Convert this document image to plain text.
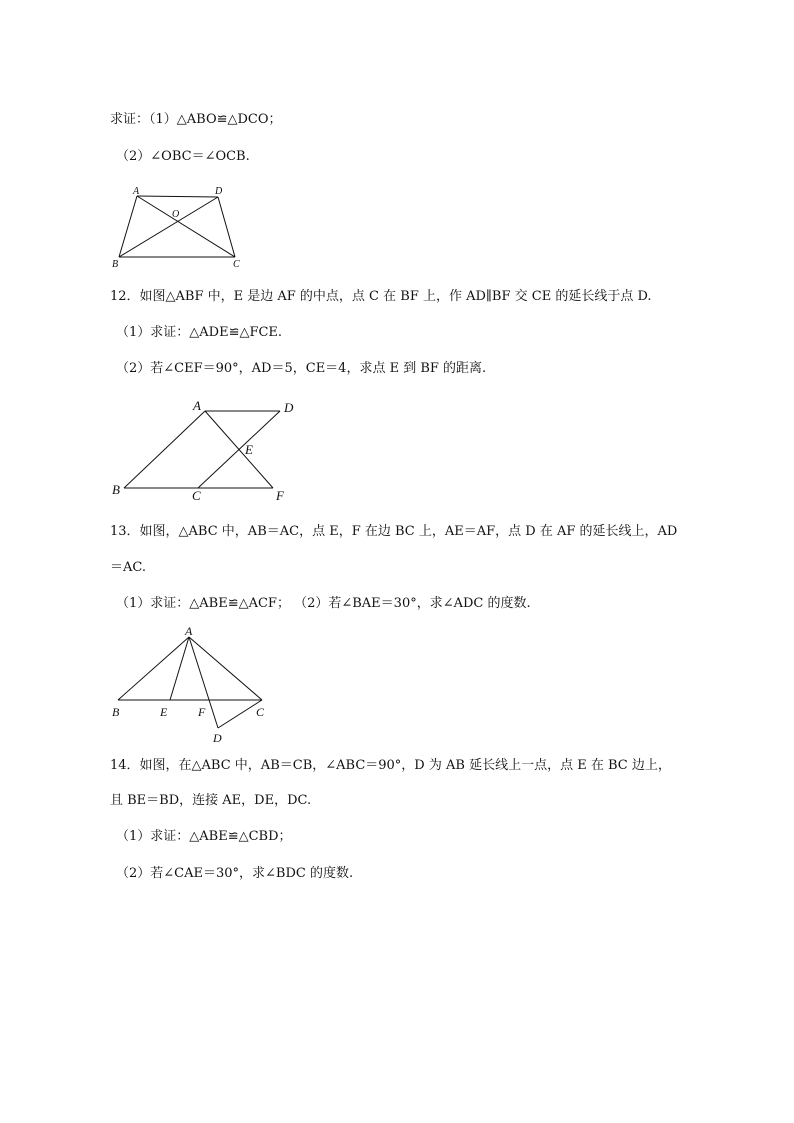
求证：（1）△ABO≌△DCO；
（2）∠OBC＝∠OCB.
A	D
O
B	C
12．如图△ABF 中，E 是边 AF 的中点，点 C 在 BF 上，作 AD∥BF 交 CE 的延长线于点 D.
（1）求证：△ADE≌△FCE.
（2）若∠CEF＝90°，AD＝5，CE＝4，求点 E 到 BF 的距离.
A	D
E
B	C	F
13．如图，△ABC 中，AB＝AC，点 E，F 在边 BC 上，AE＝AF，点 D 在 AF 的延长线上，AD
＝AC.
（1）求证：△ABE≌△ACF； （2）若∠BAE＝30°，求∠ADC 的度数.
A
B	E	F	C
D
14．如图，在△ABC 中，AB＝CB，∠ABC＝90°，D 为 AB 延长线上一点，点 E 在 BC 边上，
且 BE＝BD，连接 AE，DE，DC.
（1）求证：△ABE≌△CBD；
（2）若∠CAE＝30°，求∠BDC 的度数.
